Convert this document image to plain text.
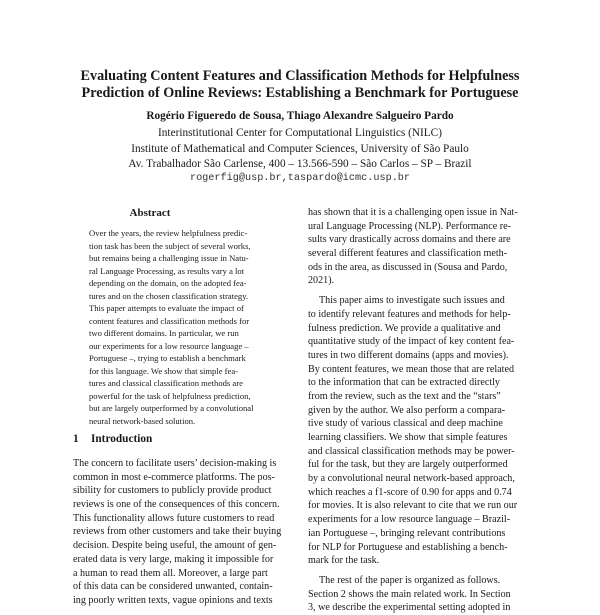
Evaluating Content Features and Classification Methods for Helpfulness
Prediction of Online Reviews: Establishing a Benchmark for Portuguese
Rogério Figueredo de Sousa, Thiago Alexandre Salgueiro Pardo
Interinstitutional Center for Computational Linguistics (NILC)
Institute of Mathematical and Computer Sciences, University of São Paulo
Av. Trabalhador São Carlense, 400 – 13.566-590 – São Carlos – SP – Brazil
rogerfig@usp.br,taspardo@icmc.usp.br
Abstract
Over the years, the review helpfulness predic-
tion task has been the subject of several works,
but remains being a challenging issue in Natu-
ral Language Processing, as results vary a lot
depending on the domain, on the adopted fea-
tures and on the chosen classification strategy.
This paper attempts to evaluate the impact of
content features and classification methods for
two different domains. In particular, we run
our experiments for a low resource language –
Portuguese –, trying to establish a benchmark
for this language. We show that simple fea-
tures and classical classification methods are
powerful for the task of helpfulness prediction,
but are largely outperformed by a convolutional
neural network-based solution.
1 Introduction
The concern to facilitate users’ decision-making is
common in most e-commerce platforms. The pos-
sibility for customers to publicly provide product
reviews is one of the consequences of this concern.
This functionality allows future customers to read
reviews from other customers and take their buying
decision. Despite being useful, the amount of gen-
erated data is very large, making it impossible for
a human to read them all. Moreover, a large part
of this data can be considered unwanted, contain-
ing poorly written texts, vague opinions and texts
has shown that it is a challenging open issue in Nat-
ural Language Processing (NLP). Performance re-
sults vary drastically across domains and there are
several different features and classification meth-
ods in the area, as discussed in (Sousa and Pardo,
2021).
This paper aims to investigate such issues and
to identify relevant features and methods for help-
fulness prediction. We provide a qualitative and
quantitative study of the impact of key content fea-
tures in two different domains (apps and movies).
By content features, we mean those that are related
to the information that can be extracted directly
from the review, such as the text and the “stars”
given by the author. We also perform a compara-
tive study of various classical and deep machine
learning classifiers. We show that simple features
and classical classification methods may be power-
ful for the task, but they are largely outperformed
by a convolutional neural network-based approach,
which reaches a f1-score of 0.90 for apps and 0.74
for movies. It is also relevant to cite that we run our
experiments for a low resource language – Brazil-
ian Portuguese –, bringing relevant contributions
for NLP for Portuguese and establishing a bench-
mark for the task.
The rest of the paper is organized as follows.
Section 2 shows the main related work. In Section
3, we describe the experimental setting adopted in
